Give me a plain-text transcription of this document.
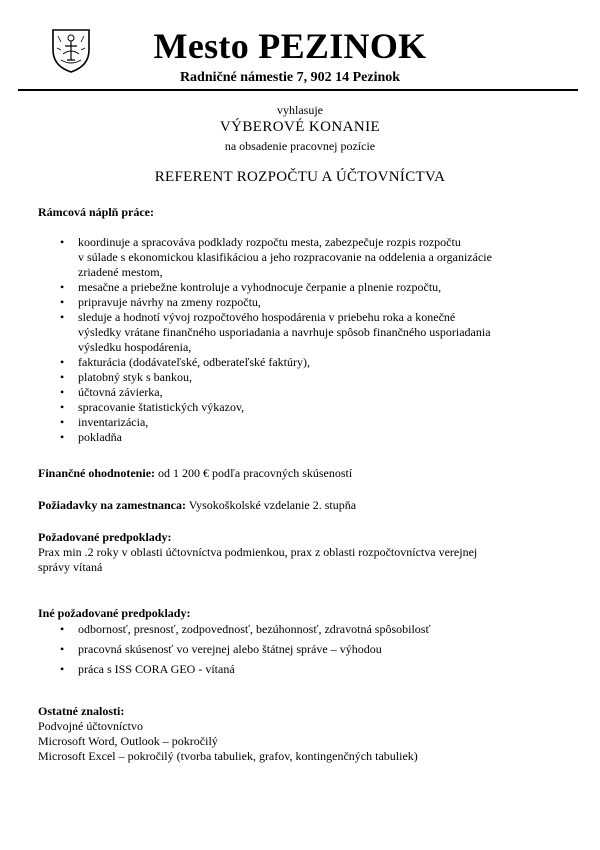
Mesto PEZINOK
Radničné námestie 7, 902 14 Pezinok
vyhlasuje
VÝBEROVÉ KONANIE
na obsadenie pracovnej pozície
REFERENT ROZPOČTU A ÚČTOVNÍCTVA
Rámcová náplň práce:
• koordinuje a spracováva podklady rozpočtu mesta, zabezpečuje rozpis rozpočtu
v súlade s ekonomickou klasifikáciou a jeho rozpracovanie na oddelenia a organizácie
zriadené mestom,
• mesačne a priebežne kontroluje a vyhodnocuje čerpanie a plnenie rozpočtu,
• pripravuje návrhy na zmeny rozpočtu,
• sleduje a hodnotí vývoj rozpočtového hospodárenia v priebehu roka a konečné
výsledky vrátane finančného usporiadania a navrhuje spôsob finančného usporiadania
výsledku hospodárenia,
• fakturácia (dodávateľské, odberateľské faktúry),
• platobný styk s bankou,
• účtovná závierka,
• spracovanie štatistických výkazov,
• inventarizácia,
• pokladňa
Finančné ohodnotenie: od 1 200 € podľa pracovných skúseností
Požiadavky na zamestnanca: Vysokoškolské vzdelanie 2. stupňa
Požadované predpoklady:
Prax min .2 roky v oblasti účtovníctva podmienkou, prax z oblasti rozpočtovníctva verejnej
správy vítaná
Iné požadované predpoklady:
• odbornosť, presnosť, zodpovednosť, bezúhonnosť, zdravotná spôsobilosť
• pracovná skúsenosť vo verejnej alebo štátnej správe – výhodou
• práca s ISS CORA GEO - vítaná
Ostatné znalosti:
Podvojné účtovníctvo
Microsoft Word, Outlook – pokročilý
Microsoft Excel – pokročilý (tvorba tabuliek, grafov, kontingenčných tabuliek)
